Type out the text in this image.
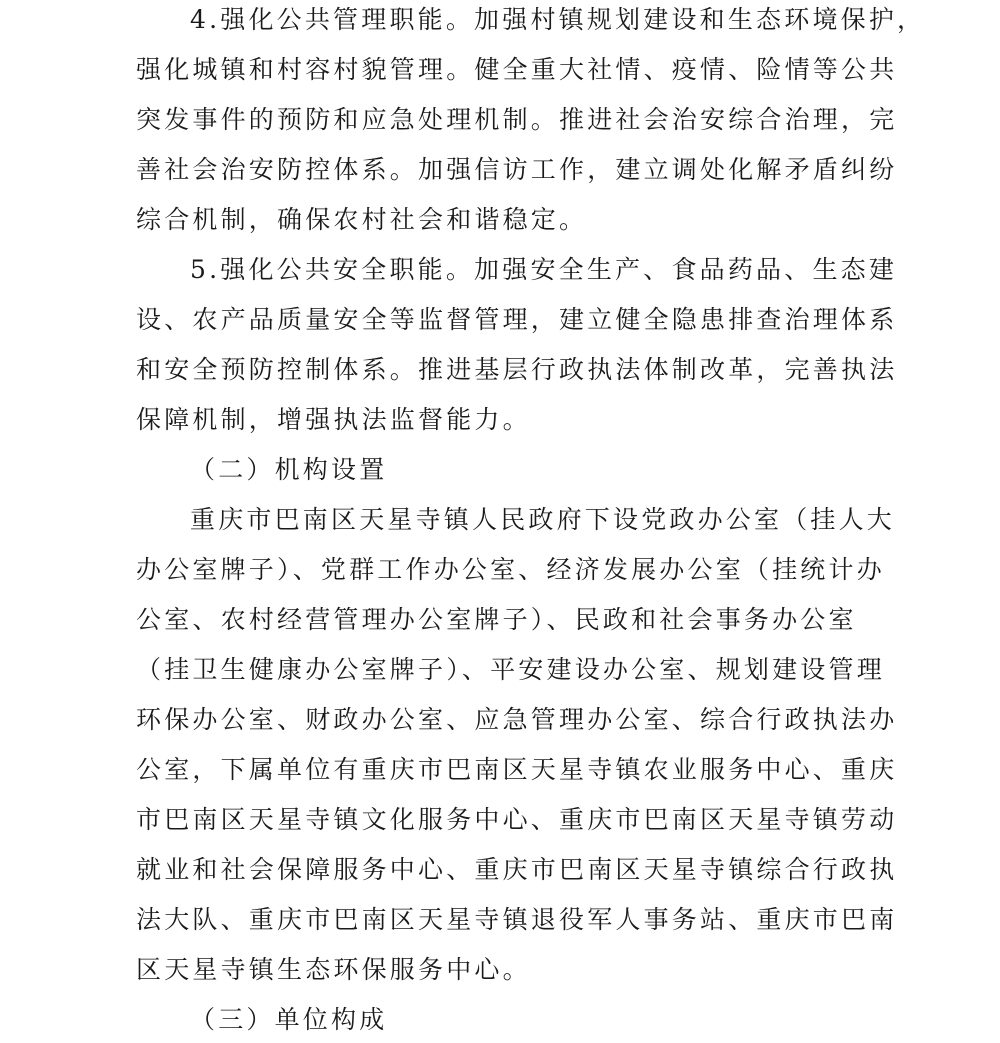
4.强化公共管理职能。加强村镇规划建设和生态环境保护，
强化城镇和村容村貌管理。健全重大社情、疫情、险情等公共
突发事件的预防和应急处理机制。推进社会治安综合治理，完
善社会治安防控体系。加强信访工作，建立调处化解矛盾纠纷
综合机制，确保农村社会和谐稳定。
5.强化公共安全职能。加强安全生产、食品药品、生态建
设、农产品质量安全等监督管理，建立健全隐患排查治理体系
和安全预防控制体系。推进基层行政执法体制改革，完善执法
保障机制，增强执法监督能力。
（二）机构设置
重庆市巴南区天星寺镇人民政府下设党政办公室（挂人大
办公室牌子）、党群工作办公室、经济发展办公室（挂统计办
公室、农村经营管理办公室牌子）、民政和社会事务办公室
（挂卫生健康办公室牌子）、平安建设办公室、规划建设管理
环保办公室、财政办公室、应急管理办公室、综合行政执法办
公室，下属单位有重庆市巴南区天星寺镇农业服务中心、重庆
市巴南区天星寺镇文化服务中心、重庆市巴南区天星寺镇劳动
就业和社会保障服务中心、重庆市巴南区天星寺镇综合行政执
法大队、重庆市巴南区天星寺镇退役军人事务站、重庆市巴南
区天星寺镇生态环保服务中心。
（三）单位构成
